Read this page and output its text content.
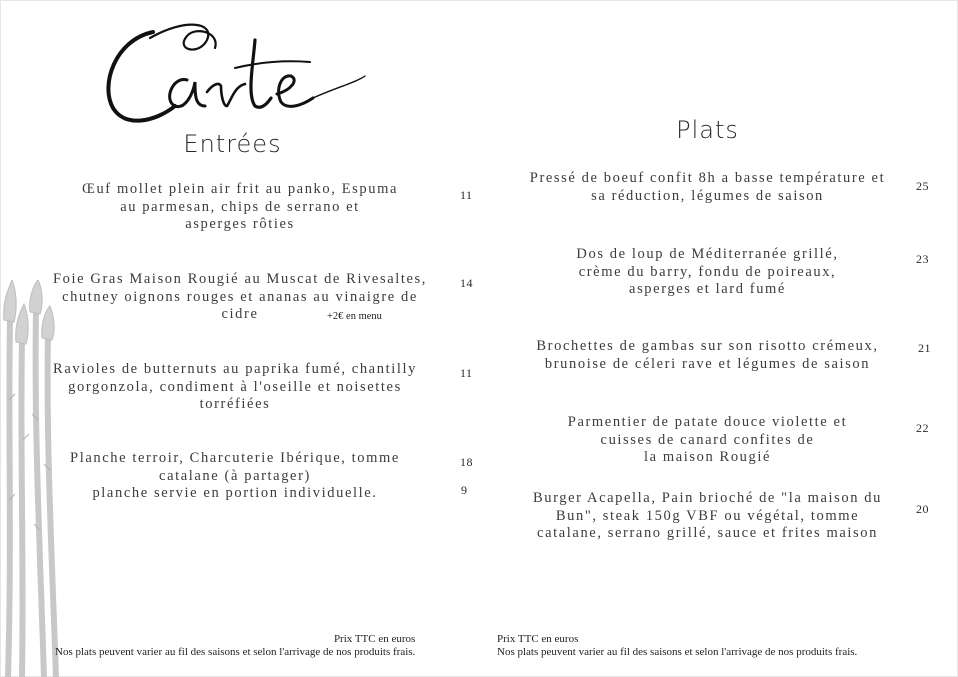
Entrées	Plats
Œuf mollet plein air frit au panko, Espuma
au parmesan, chips de serrano et
asperges rôties
11
Foie Gras Maison Rougié au Muscat de Rivesaltes,
chutney oignons rouges et ananas au vinaigre de
cidre
14
+2€ en menu
Ravioles de butternuts au paprika fumé, chantilly
gorgonzola, condiment à l'oseille et noisettes
torréfiées
11
Planche terroir, Charcuterie Ibérique, tomme
catalane (à partager)
planche servie en portion individuelle.
18
9
Pressé de boeuf confit 8h a basse température et
sa réduction, légumes de saison
25
Dos de loup de Méditerranée grillé,
crème du barry, fondu de poireaux,
asperges et lard fumé
23
Brochettes de gambas sur son risotto crémeux,
brunoise de céleri rave et légumes de saison
21
Parmentier de patate douce violette et
cuisses de canard confites de
la maison Rougié
22
Burger Acapella, Pain brioché de "la maison du
Bun", steak 150g VBF ou végétal, tomme
catalane, serrano grillé, sauce et frites maison
20
Prix TTC en euros
Nos plats peuvent varier au fil des saisons et selon l'arrivage de nos produits frais.
Prix TTC en euros
Nos plats peuvent varier au fil des saisons et selon l'arrivage de nos produits frais.
